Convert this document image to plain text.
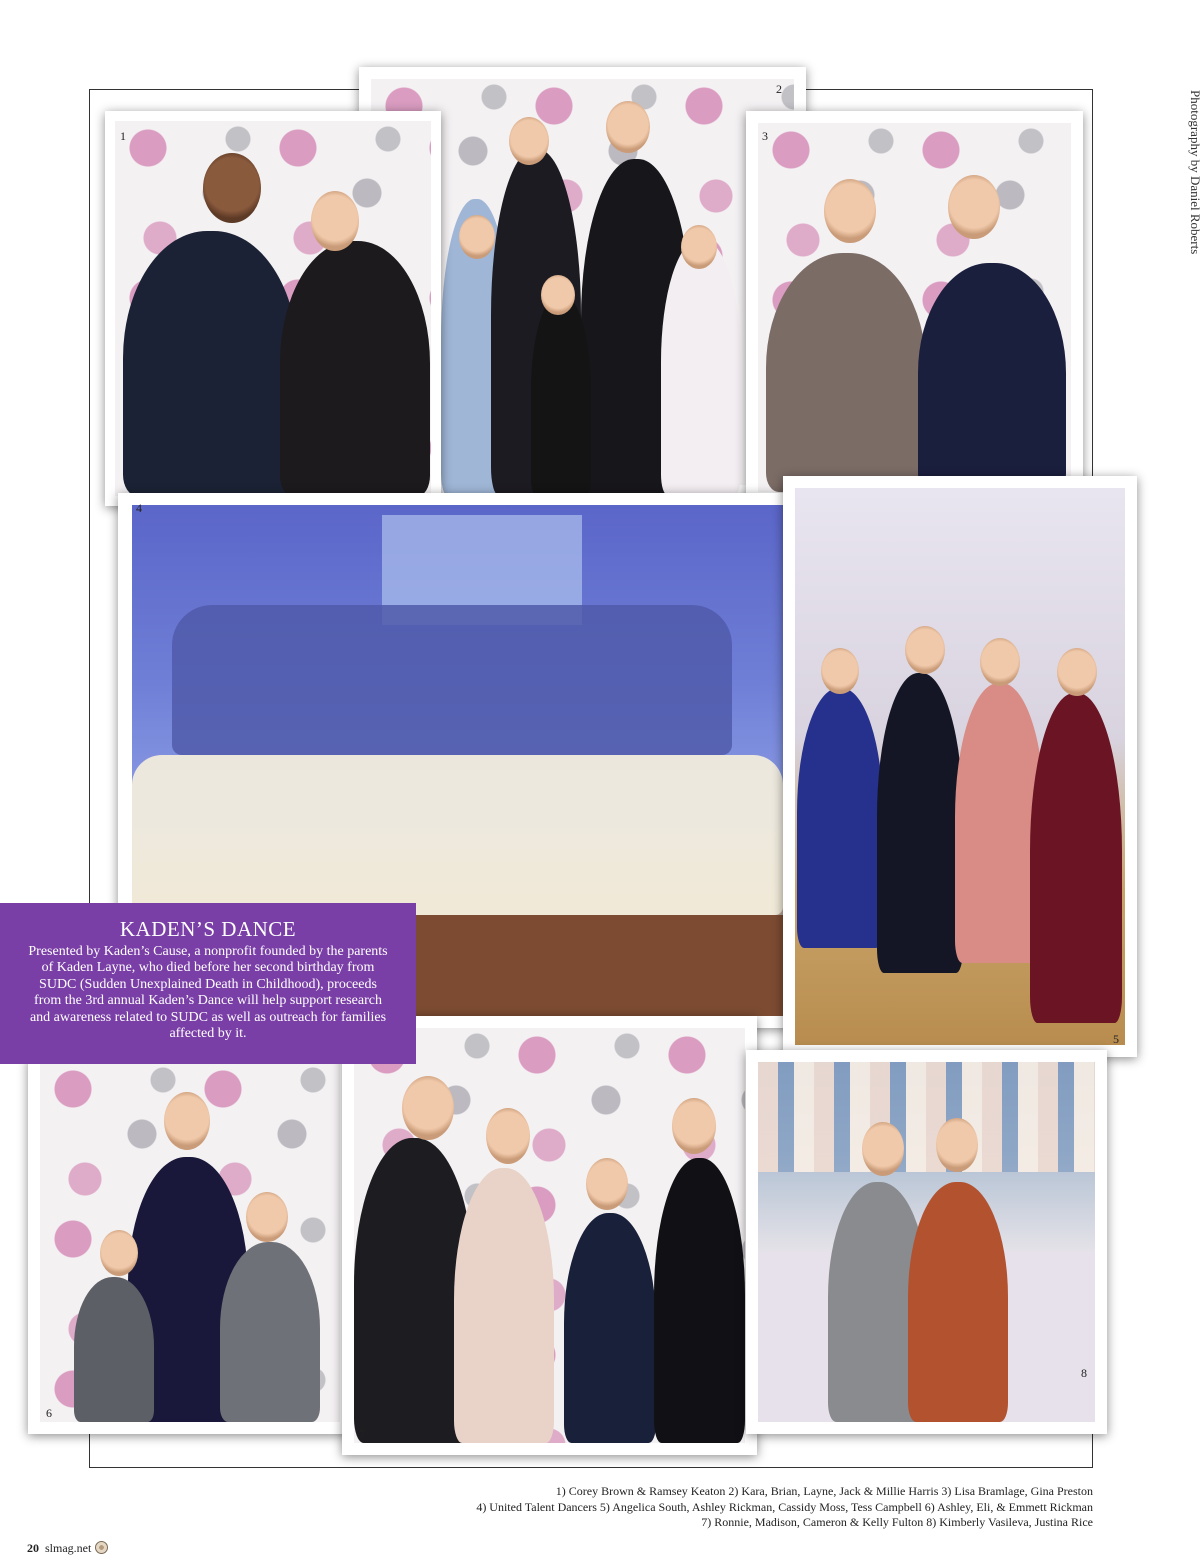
2
1	3
4
5
6
7
8
KADEN’S DANCE
Presented by Kaden’s Cause, a nonprofit founded by the parents of Kaden Layne, who died before her second birthday from SUDC (Sudden Unexplained Death in Childhood), proceeds from the 3rd annual Kaden’s Dance will help support research and awareness related to SUDC as well as outreach for families affected by it.
Photography by Daniel Roberts
1) Corey Brown & Ramsey Keaton 2) Kara, Brian, Layne, Jack & Millie Harris 3) Lisa Bramlage, Gina Preston
4) United Talent Dancers 5) Angelica South, Ashley Rickman, Cassidy Moss, Tess Campbell 6) Ashley, Eli, & Emmett Rickman
7) Ronnie, Madison, Cameron & Kelly Fulton 8) Kimberly Vasileva, Justina Rice
20 slmag.net
